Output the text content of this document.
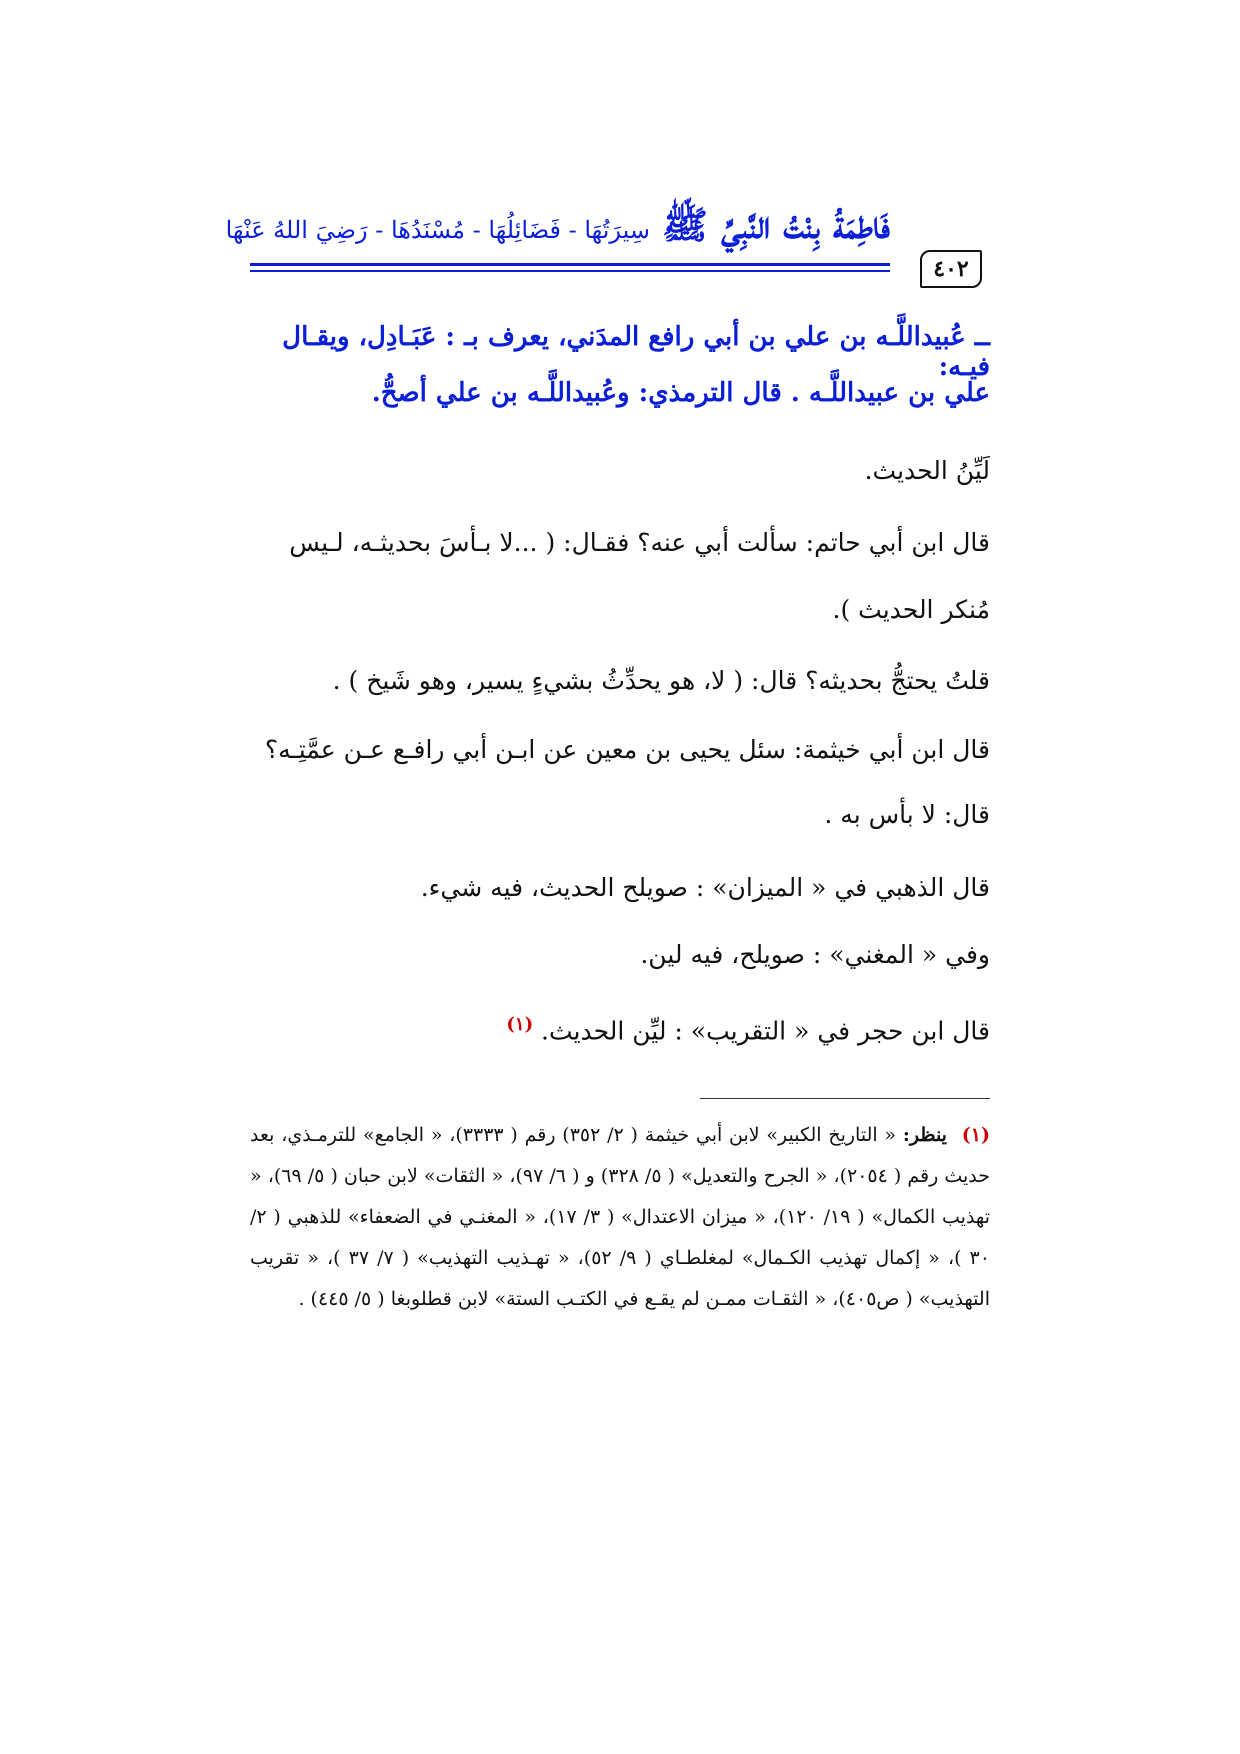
٤٠٢
فَاطِمَةُ بِنْتُ النَّبِيِّ ﷺ
سِيرَتُهَا - فَضَائِلُهَا - مُسْنَدُهَا - رَضِيَ اللهُ عَنْهَا
ــ عُبيداللَّـه بن علي بن أبي رافع المدَني، يعرف بـ : عَبَـادِل، ويقـال فيـه:
علي بن عبيداللَّـه . قال الترمذي: وعُبيداللَّـه بن علي أصحُّ.
لَيِّنُ الحديث.
قال ابن أبي حاتم: سألت أبي عنه؟ فقـال: ( ...لا بـأسَ بحديثـه، لـيس
مُنكر الحديث ).
قلتُ يحتجُّ بحديثه؟ قال: ( لا، هو يحدِّثُ بشيءٍ يسير، وهو شَيخ ) .
قال ابن أبي خيثمة: سئل يحيى بن معين عن ابـن أبي رافـع عـن عمَّتِـه؟
قال: لا بأس به .
قال الذهبي في « الميزان» : صويلح الحديث، فيه شيء.
وفي « المغني» : صويلح، فيه لين.
قال ابن حجر في « التقريب» : ليِّن الحديث. $^{(١)}$
(١) ينظر: « التاريخ الكبير» لابن أبي خيثمة ( ٢/ ٣٥٢) رقم ( ٣٣٣٣)، « الجامع» للترمـذي، بعد حديث رقم ( ٢٠٥٤)، « الجرح والتعديل» ( ٥/ ٣٢٨) و ( ٦/ ٩٧)، « الثقات» لابن حبان ( ٥/ ٦٩)، « تهذيب الكمال» ( ١٩/ ١٢٠)، « ميزان الاعتدال» ( ٣/ ١٧)، « المغنـي في الضعفاء» للذهبي ( ٢/ ٣٠ )، « إكمال تهذيب الكـمال» لمغلطـاي ( ٩/ ٥٢)، « تهـذيب التهذيب» ( ٧/ ٣٧ )، « تقريب التهذيب» ( ص٤٠٥)، « الثقـات ممـن لم يقـع في الكتـب الستة» لابن قطلوبغا ( ٥/ ٤٤٥) .
